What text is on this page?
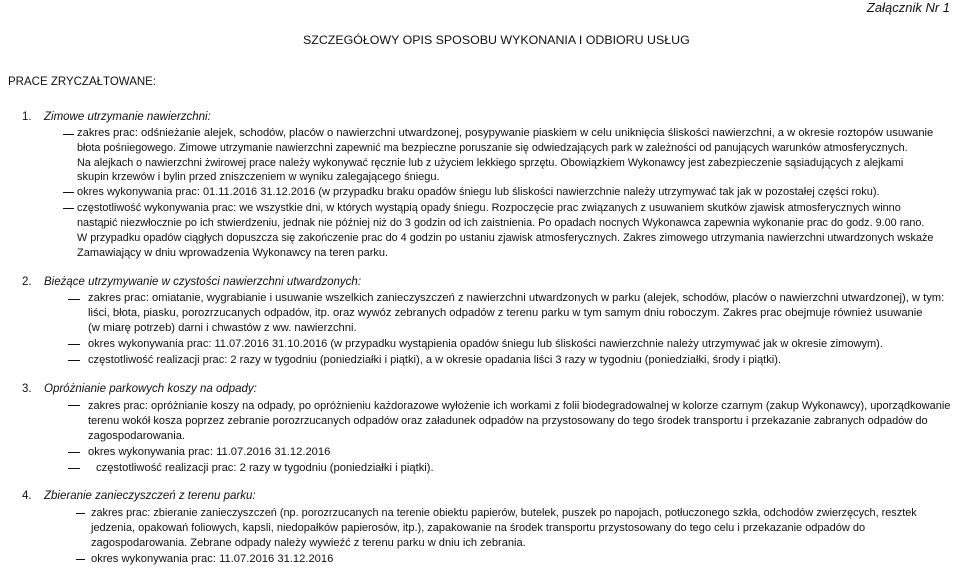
Załącznik Nr 1
SZCZEGÓŁOWY OPIS SPOSOBU WYKONANIA I ODBIORU USŁUG
PRACE ZRYCZAŁTOWANE:
1. Zimowe utrzymanie nawierzchni:
zakres prac: odśnieżanie alejek, schodów, placów o nawierzchni utwardzonej, posypywanie piaskiem w celu uniknięcia śliskości nawierzchni, a w okresie roztopów usuwanie
błota pośniegowego. Zimowe utrzymanie nawierzchni zapewnić ma bezpieczne poruszanie się odwiedzających park w zależności od panujących warunków atmosferycznych.
Na alejkach o nawierzchni żwirowej prace należy wykonywać ręcznie lub z użyciem lekkiego sprzętu. Obowiązkiem Wykonawcy jest zabezpieczenie sąsiadujących z alejkami
skupin krzewów i bylin przed zniszczeniem w wyniku zalegającego śniegu.
okres wykonywania prac: 01.11.2016 31.12.2016 (w przypadku braku opadów śniegu lub śliskości nawierzchnie należy utrzymywać tak jak w pozostałej części roku).
częstotliwość wykonywania prac: we wszystkie dni, w których wystąpią opady śniegu. Rozpoczęcie prac związanych z usuwaniem skutków zjawisk atmosferycznych winno
nastąpić niezwłocznie po ich stwierdzeniu, jednak nie później niż do 3 godzin od ich zaistnienia. Po opadach nocnych Wykonawca zapewnia wykonanie prac do godz. 9.00 rano.
W przypadku opadów ciągłych dopuszcza się zakończenie prac do 4 godzin po ustaniu zjawisk atmosferycznych. Zakres zimowego utrzymania nawierzchni utwardzonych wskaże
Zamawiający w dniu wprowadzenia Wykonawcy na teren parku.
2. Bieżące utrzymywanie w czystości nawierzchni utwardzonych:
zakres prac: omiatanie, wygrabianie i usuwanie wszelkich zanieczyszczeń z nawierzchni utwardzonych w parku (alejek, schodów, placów o nawierzchni utwardzonej), w tym:
liści, błota, piasku, porozrzucanych odpadów, itp. oraz wywóz zebranych odpadów z terenu parku w tym samym dniu roboczym. Zakres prac obejmuje również usuwanie
(w miarę potrzeb) darni i chwastów z ww. nawierzchni.
okres wykonywania prac: 11.07.2016 31.10.2016 (w przypadku wystąpienia opadów śniegu lub śliskości nawierzchnie należy utrzymywać jak w okresie zimowym).
częstotliwość realizacji prac: 2 razy w tygodniu (poniedziałki i piątki), a w okresie opadania liści 3 razy w tygodniu (poniedziałki, środy i piątki).
3. Opróżnianie parkowych koszy na odpady:
zakres prac: opróżnianie koszy na odpady, po opróżnieniu każdorazowe wyłożenie ich workami z folii biodegradowalnej w kolorze czarnym (zakup Wykonawcy), uporządkowanie
terenu wokół kosza poprzez zebranie porozrzucanych odpadów oraz załadunek odpadów na przystosowany do tego środek transportu i przekazanie zabranych odpadów do
zagospodarowania.
okres wykonywania prac: 11.07.2016 31.12.2016
częstotliwość realizacji prac: 2 razy w tygodniu (poniedziałki i piątki).
4. Zbieranie zanieczyszczeń z terenu parku:
zakres prac: zbieranie zanieczyszczeń (np. porozrzucanych na terenie obiektu papierów, butelek, puszek po napojach, potłuczonego szkła, odchodów zwierzęcych, resztek
jedzenia, opakowań foliowych, kapsli, niedopałków papierosów, itp.), zapakowanie na środek transportu przystosowany do tego celu i przekazanie odpadów do
zagospodarowania. Zebrane odpady należy wywieźć z terenu parku w dniu ich zebrania.
okres wykonywania prac: 11.07.2016 31.12.2016
